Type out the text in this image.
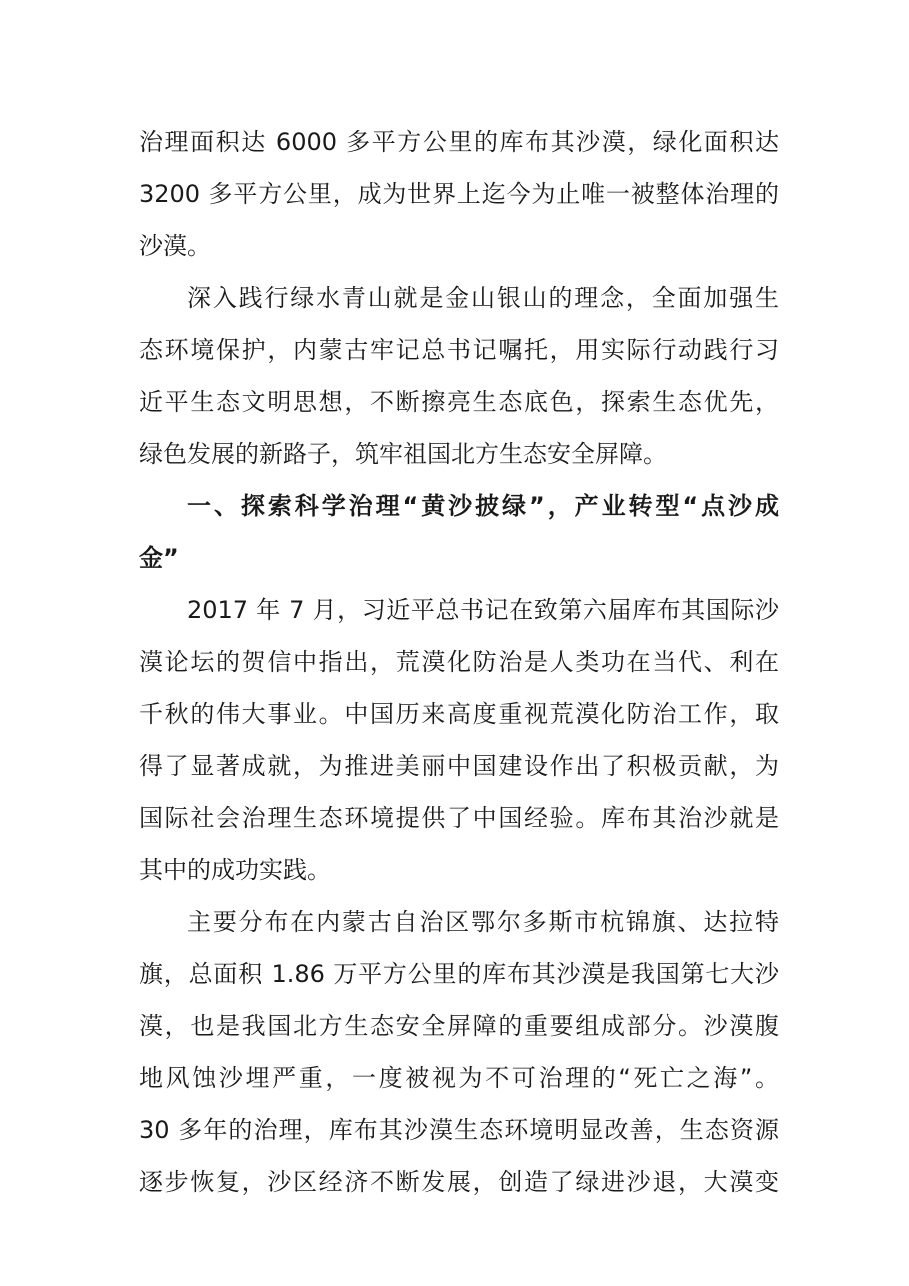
治理面积达 6000 多平方公里的库布其沙漠，绿化面积达
3200 多平方公里，成为世界上迄今为止唯一被整体治理的
沙漠。
深入践行绿水青山就是金山银山的理念，全面加强生
态环境保护，内蒙古牢记总书记嘱托，用实际行动践行习
近平生态文明思想，不断擦亮生态底色，探索生态优先，
绿色发展的新路子，筑牢祖国北方生态安全屏障。
一、探索科学治理“黄沙披绿”，产业转型“点沙成
金”
2017 年 7 月，习近平总书记在致第六届库布其国际沙
漠论坛的贺信中指出，荒漠化防治是人类功在当代、利在
千秋的伟大事业。中国历来高度重视荒漠化防治工作，取
得了显著成就，为推进美丽中国建设作出了积极贡献，为
国际社会治理生态环境提供了中国经验。库布其治沙就是
其中的成功实践。
主要分布在内蒙古自治区鄂尔多斯市杭锦旗、达拉特
旗，总面积 1.86 万平方公里的库布其沙漠是我国第七大沙
漠，也是我国北方生态安全屏障的重要组成部分。沙漠腹
地风蚀沙埋严重，一度被视为不可治理的“死亡之海”。
30 多年的治理，库布其沙漠生态环境明显改善，生态资源
逐步恢复，沙区经济不断发展，创造了绿进沙退，大漠变
